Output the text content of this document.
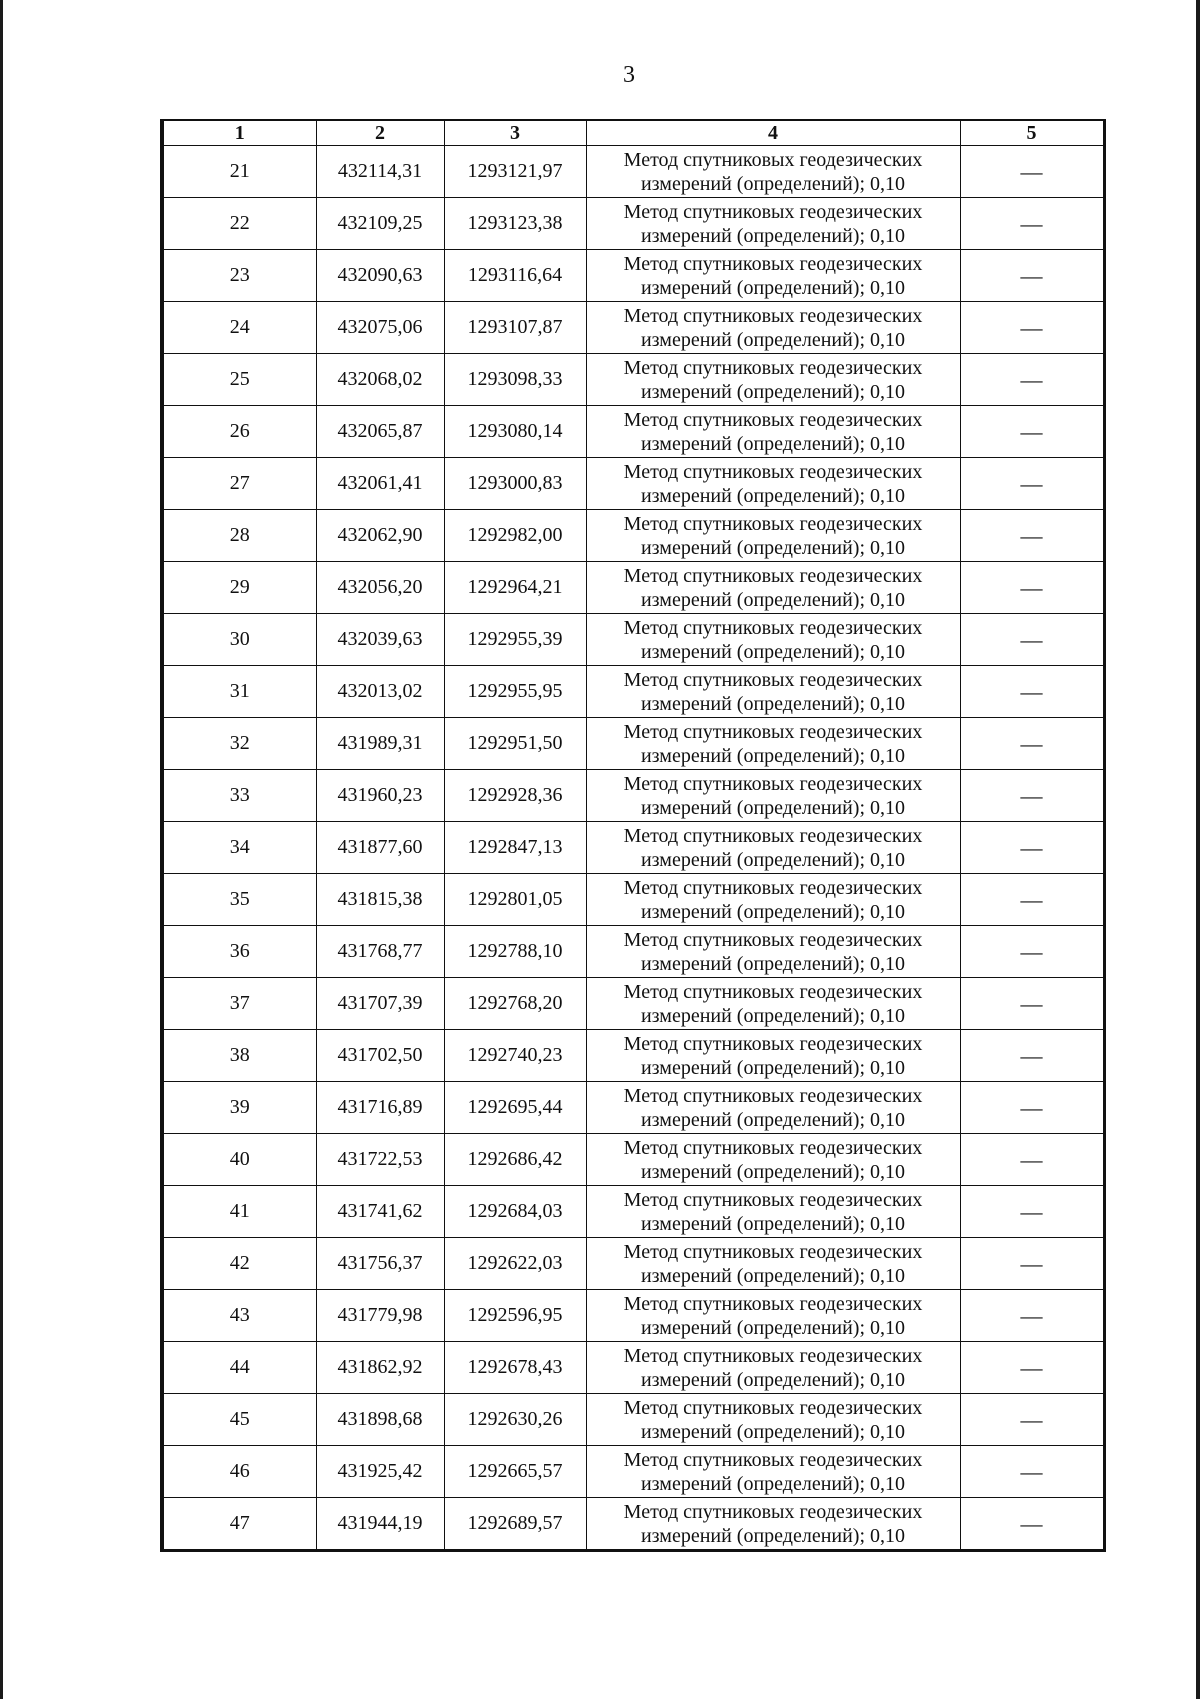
3
1	2	3	4	5
21	432114,31	1293121,97	Метод спутниковых геодезических
измерений (определений); 0,10	—
22	432109,25	1293123,38	Метод спутниковых геодезических
измерений (определений); 0,10	—
23	432090,63	1293116,64	Метод спутниковых геодезических
измерений (определений); 0,10	—
24	432075,06	1293107,87	Метод спутниковых геодезических
измерений (определений); 0,10	—
25	432068,02	1293098,33	Метод спутниковых геодезических
измерений (определений); 0,10	—
26	432065,87	1293080,14	Метод спутниковых геодезических
измерений (определений); 0,10	—
27	432061,41	1293000,83	Метод спутниковых геодезических
измерений (определений); 0,10	—
28	432062,90	1292982,00	Метод спутниковых геодезических
измерений (определений); 0,10	—
29	432056,20	1292964,21	Метод спутниковых геодезических
измерений (определений); 0,10	—
30	432039,63	1292955,39	Метод спутниковых геодезических
измерений (определений); 0,10	—
31	432013,02	1292955,95	Метод спутниковых геодезических
измерений (определений); 0,10	—
32	431989,31	1292951,50	Метод спутниковых геодезических
измерений (определений); 0,10	—
33	431960,23	1292928,36	Метод спутниковых геодезических
измерений (определений); 0,10	—
34	431877,60	1292847,13	Метод спутниковых геодезических
измерений (определений); 0,10	—
35	431815,38	1292801,05	Метод спутниковых геодезических
измерений (определений); 0,10	—
36	431768,77	1292788,10	Метод спутниковых геодезических
измерений (определений); 0,10	—
37	431707,39	1292768,20	Метод спутниковых геодезических
измерений (определений); 0,10	—
38	431702,50	1292740,23	Метод спутниковых геодезических
измерений (определений); 0,10	—
39	431716,89	1292695,44	Метод спутниковых геодезических
измерений (определений); 0,10	—
40	431722,53	1292686,42	Метод спутниковых геодезических
измерений (определений); 0,10	—
41	431741,62	1292684,03	Метод спутниковых геодезических
измерений (определений); 0,10	—
42	431756,37	1292622,03	Метод спутниковых геодезических
измерений (определений); 0,10	—
43	431779,98	1292596,95	Метод спутниковых геодезических
измерений (определений); 0,10	—
44	431862,92	1292678,43	Метод спутниковых геодезических
измерений (определений); 0,10	—
45	431898,68	1292630,26	Метод спутниковых геодезических
измерений (определений); 0,10	—
46	431925,42	1292665,57	Метод спутниковых геодезических
измерений (определений); 0,10	—
47	431944,19	1292689,57	Метод спутниковых геодезических
измерений (определений); 0,10	—
